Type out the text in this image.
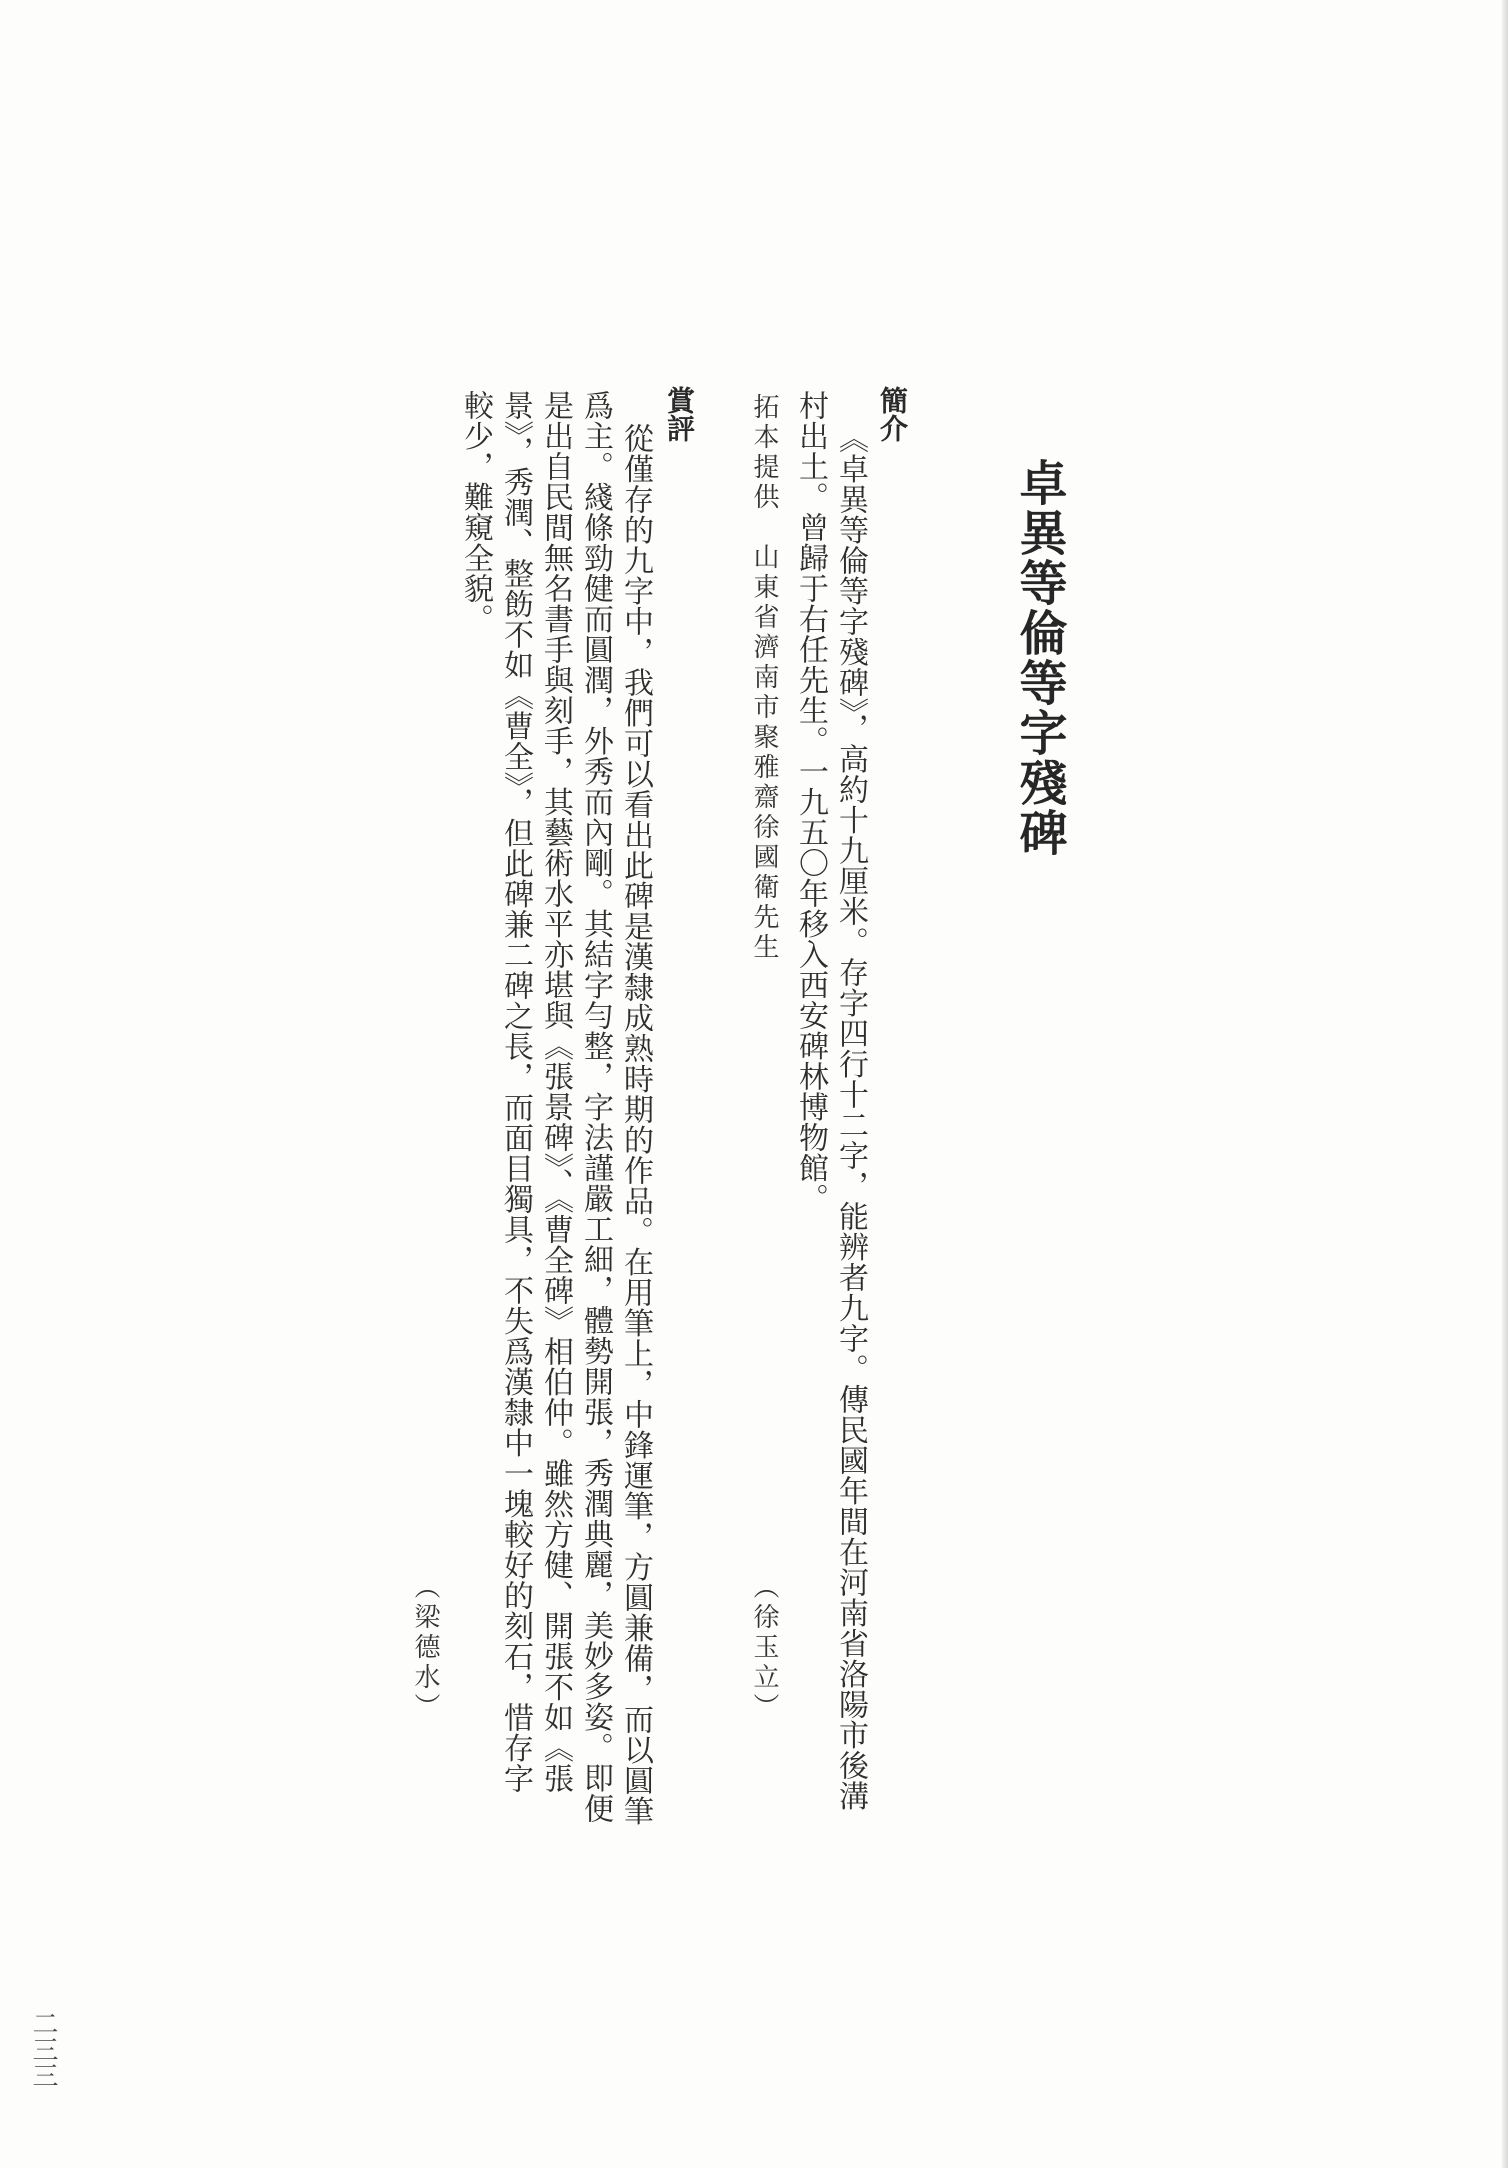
卓異等倫等字殘碑
簡介
《卓異等倫等字殘碑》，高約十九厘米。存字四行十二字，能辨者九字。傳民國年間在河南省洛陽市後溝
村出土。曾歸于右任先生。一九五〇年移入西安碑林博物館。
拓本提供　山東省濟南市聚雅齋徐國衛先生
（徐玉立）
賞評
從僅存的九字中，我們可以看出此碑是漢隸成熟時期的作品。在用筆上，中鋒運筆，方圓兼備，而以圓筆
爲主。綫條勁健而圓潤，外秀而內剛。其結字勻整，字法謹嚴工細，體勢開張，秀潤典麗，美妙多姿。即便
是出自民間無名書手與刻手，其藝術水平亦堪與《張景碑》、《曹全碑》相伯仲。雖然方健、開張不如《張
景》，秀潤、整飭不如《曹全》，但此碑兼二碑之長，而面目獨具，不失爲漢隸中一塊較好的刻石，惜存字
較少，難窺全貌。
（梁德水）
二三三
